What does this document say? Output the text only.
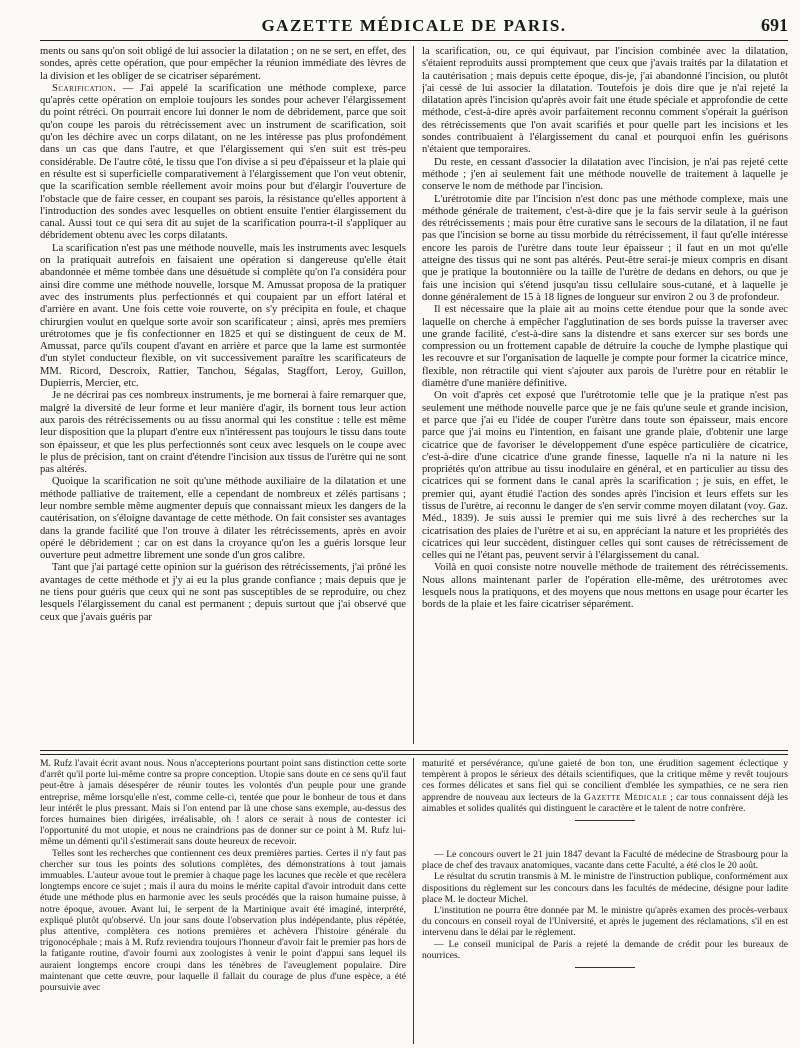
GAZETTE MÉDICALE DE PARIS.	691

ments ou sans qu'on soit obligé de lui associer la dilatation ; on ne se sert, en effet, des sondes, après cette opération, que pour empêcher la réunion immédiate des lèvres de la division et les obliger de se cicatriser séparément.

Scarification. — J'ai appelé la scarification une méthode complexe, parce qu'après cette opération on emploie toujours les sondes pour achever l'élargissement du point rétréci. On pourrait encore lui donner le nom de débridement, parce que soit qu'on coupe les parois du rétrécissement avec un instrument de scarification, soit qu'on les déchire avec un corps dilatant, on ne les intéresse pas plus profondément dans un cas que dans l'autre, et que l'élargissement qui s'en suit est très-peu considérable. De l'autre côté, le tissu que l'on divise a si peu d'épaisseur et la plaie qui en résulte est si superficielle comparativement à l'élargissement que l'on veut obtenir, que la scarification semble réellement avoir moins pour but d'élargir l'ouverture de l'obstacle que de faire cesser, en coupant ses parois, la résistance qu'elles apportent à l'introduction des sondes avec lesquelles on obtient ensuite l'entier élargissement du canal. Aussi tout ce qui sera dit au sujet de la scarification pourra-t-il s'appliquer au débridement obtenu avec les corps dilatants.

La scarification n'est pas une méthode nouvelle, mais les instruments avec lesquels on la pratiquait autrefois en faisaient une opération si dangereuse qu'elle était abandonnée et même tombée dans une désuétude si complète qu'on l'a considéra pour ainsi dire comme une méthode nouvelle, lorsque M. Amussat proposa de la pratiquer avec des instruments plus perfectionnés et qui coupaient par un effort latéral et d'arrière en avant. Une fois cette voie rouverte, on s'y précipita en foule, et chaque chirurgien voulut en quelque sorte avoir son scarificateur ; ainsi, après mes premiers urétrotomes que je fis confectionner en 1825 et qui se distinguent de ceux de M. Amussat, parce qu'ils coupent d'avant en arrière et parce que la lame est surmontée d'un stylet conducteur flexible, on vit successivement paraître les scarificateurs de MM. Ricord, Descroix, Rattier, Tanchou, Ségalas, Stagffort, Leroy, Guillon, Dupierris, Mercier, etc.

Je ne décrirai pas ces nombreux instruments, je me bornerai à faire remarquer que, malgré la diversité de leur forme et leur manière d'agir, ils bornent tous leur action aux parois des rétrécissements ou au tissu anormal qui les constitue : telle est même leur disposition que la plupart d'entre eux n'intéressent pas toujours le tissu dans toute son épaisseur, et que les plus perfectionnés sont ceux avec lesquels on le coupe avec le plus de précision, tant on craint d'étendre l'incision aux tissus de l'urètre qui ne sont pas altérés.

Quoique la scarification ne soit qu'une méthode auxiliaire de la dilatation et une méthode palliative de traitement, elle a cependant de nombreux et zélés partisans ; leur nombre semble même augmenter depuis que connaissant mieux les dangers de la cautérisation, on s'éloigne davantage de cette méthode. On fait consister ses avantages dans la grande facilité que l'on trouve à dilater les rétrécissements, après en avoir opéré le débridement ; car on est dans la croyance qu'on les a guéris lorsque leur ouverture peut admettre librement une sonde d'un gros calibre.

Tant que j'ai partagé cette opinion sur la guérison des rétrécissements, j'ai prôné les avantages de cette méthode et j'y ai eu la plus grande confiance ; mais depuis que je ne tiens pour guéris que ceux qui ne sont pas susceptibles de se reproduire, ou chez lesquels l'élargissement du canal est permanent ; depuis surtout que j'ai observé que ceux que j'avais guéris par

la scarification, ou, ce qui équivaut, par l'incision combinée avec la dilatation, s'étaient reproduits aussi promptement que ceux que j'avais traités par la dilatation et la cautérisation ; mais depuis cette époque, dis-je, j'ai abandonné l'incision, ou plutôt j'ai cessé de lui associer la dilatation. Toutefois je dois dire que je n'ai rejeté la dilatation après l'incision qu'après avoir fait une étude spéciale et approfondie de cette méthode, c'est-à-dire après avoir parfaitement reconnu comment s'opérait la guérison des rétrécissements que l'on avait scarifiés et pour quelle part les incisions et les sondes contribuaient à l'élargissement du canal et pourquoi enfin les guérisons n'étaient que temporaires.

Du reste, en cessant d'associer la dilatation avec l'incision, je n'ai pas rejeté cette méthode ; j'en ai seulement fait une méthode nouvelle de traitement à laquelle je conserve le nom de méthode par l'incision.

L'urétrotomie dite par l'incision n'est donc pas une méthode complexe, mais une méthode générale de traitement, c'est-à-dire que je la fais servir seule à la guérison des rétrécissements ; mais pour être curative sans le secours de la dilatation, il ne faut pas que l'incision se borne au tissu morbide du rétrécissement, il faut qu'elle intéresse encore les parois de l'urètre dans toute leur épaisseur ; il faut en un mot qu'elle atteigne des tissus qui ne sont pas altérés. Peut-être serai-je mieux compris en disant que je pratique la boutonnière ou la taille de l'urètre de dedans en dehors, ou que je fais une incision qui s'étend jusqu'au tissu cellulaire sous-cutané, et à laquelle je donne généralement de 15 à 18 lignes de longueur sur environ 2 ou 3 de profondeur.

Il est nécessaire que la plaie ait au moins cette étendue pour que la sonde avec laquelle on cherche à empêcher l'agglutination de ses bords puisse la traverser avec une grande facilité, c'est-à-dire sans la distendre et sans exercer sur ses bords une compression ou un frottement capable de détruire la couche de lymphe plastique qui les recouvre et sur l'organisation de laquelle je compte pour former la cicatrice mince, flexible, non rétractile qui vient s'ajouter aux parois de l'urètre pour en rétablir le diamètre d'une manière définitive.

On voit d'après cet exposé que l'urétrotomie telle que je la pratique n'est pas seulement une méthode nouvelle parce que je ne fais qu'une seule et grande incision, et parce que j'ai eu l'idée de couper l'urètre dans toute son épaisseur, mais encore parce que j'ai moins eu l'intention, en faisant une grande plaie, d'obtenir une large cicatrice que de favoriser le développement d'une espèce particulière de cicatrice, c'est-à-dire d'une cicatrice d'une grande finesse, laquelle n'a ni la nature ni les propriétés qu'on attribue au tissu inodulaire en général, et en particulier au tissu des cicatrices qui se forment dans le canal après la scarification ; je suis, en effet, le premier qui, ayant étudié l'action des sondes après l'incision et leurs effets sur les tissus de l'urètre, ai reconnu le danger de s'en servir comme moyen dilatant (voy. Gaz. Méd., 1839). Je suis aussi le premier qui me suis livré à des recherches sur la cicatrisation des plaies de l'urètre et ai su, en appréciant la nature et les propriétés des cicatrices qui leur succèdent, distinguer celles qui sont causes de rétrécissement de celles qui ne l'étant pas, peuvent servir à l'élargissement du canal.

Voilà en quoi consiste notre nouvelle méthode de traitement des rétrécissements. Nous allons maintenant parler de l'opération elle-même, des urétrotomes avec lesquels nous la pratiquons, et des moyens que nous mettons en usage pour écarter les bords de la plaie et les faire cicatriser séparément.

M. Rufz l'avait écrit avant nous. Nous n'accepterions pourtant point sans distinction cette sorte d'arrêt qu'il porte lui-même contre sa propre conception. Utopie sans doute en ce sens qu'il faut peut-être à jamais désespérer de réunir toutes les volontés d'un peuple pour une grande entreprise, même lorsqu'elle n'est, comme celle-ci, tentée que pour le bonheur de tous et dans leur intérêt le plus pressant. Mais si l'on entend par là une chose sans exemple, au-dessus des forces humaines bien dirigées, irréalisable, oh ! alors ce serait à nous de contester ici l'opportunité du mot utopie, et nous ne craindrions pas de donner sur ce point à M. Rufz lui-même un démenti qu'il s'estimerait sans doute heureux de recevoir.

Telles sont les recherches que contiennent ces deux premières parties. Certes il n'y faut pas chercher sur tous les points des solutions complètes, des démonstrations à tout jamais immuables. L'auteur avoue tout le premier à chaque page les lacunes que recèle et que recèlera longtemps encore ce sujet ; mais il aura du moins le mérite capital d'avoir introduit dans cette étude une méthode plus en harmonie avec les seuls procédés que la raison humaine puisse, à notre époque, avouer. Avant lui, le serpent de la Martinique avait été imaginé, interprété, expliqué plutôt qu'observé. Un jour sans doute l'observation plus indépendante, plus répétée, plus attentive, complètera ces notions premières et achèvera l'histoire générale du trigonocéphale ; mais à M. Rufz reviendra toujours l'honneur d'avoir fait le premier pas hors de la fatigante routine, d'avoir fourni aux zoologistes à venir le point d'appui sans lequel ils auraient longtemps encore croupi dans les ténèbres de l'aveuglement populaire. Dire maintenant que cette œuvre, pour laquelle il fallait du courage de plus d'une espèce, a été poursuivie avec

maturité et persévérance, qu'une gaieté de bon ton, une érudition sagement éclectique y tempèrent à propos le sérieux des détails scientifiques, que la critique même y revêt toujours ces formes délicates et sans fiel qui se concilient d'emblée les sympathies, ce ne sera rien apprendre de nouveau aux lecteurs de la Gazette Médicale ; car tous connaissent déjà les aimables et solides qualités qui distinguent le caractère et le talent de notre confrère.

— Le concours ouvert le 21 juin 1847 devant la Faculté de médecine de Strasbourg pour la place de chef des travaux anatomiques, vacante dans cette Faculté, a été clos le 20 août.

Le résultat du scrutin transmis à M. le ministre de l'instruction publique, conformément aux dispositions du règlement sur les concours dans les facultés de médecine, désigne pour ladite place M. le docteur Michel.

L'institution ne pourra être donnée par M. le ministre qu'après examen des procès-verbaux du concours en conseil royal de l'Université, et après le jugement des réclamations, s'il en est intervenu dans le délai par le règlement.

— Le conseil municipal de Paris a rejeté la demande de crédit pour les bureaux de nourrices.
